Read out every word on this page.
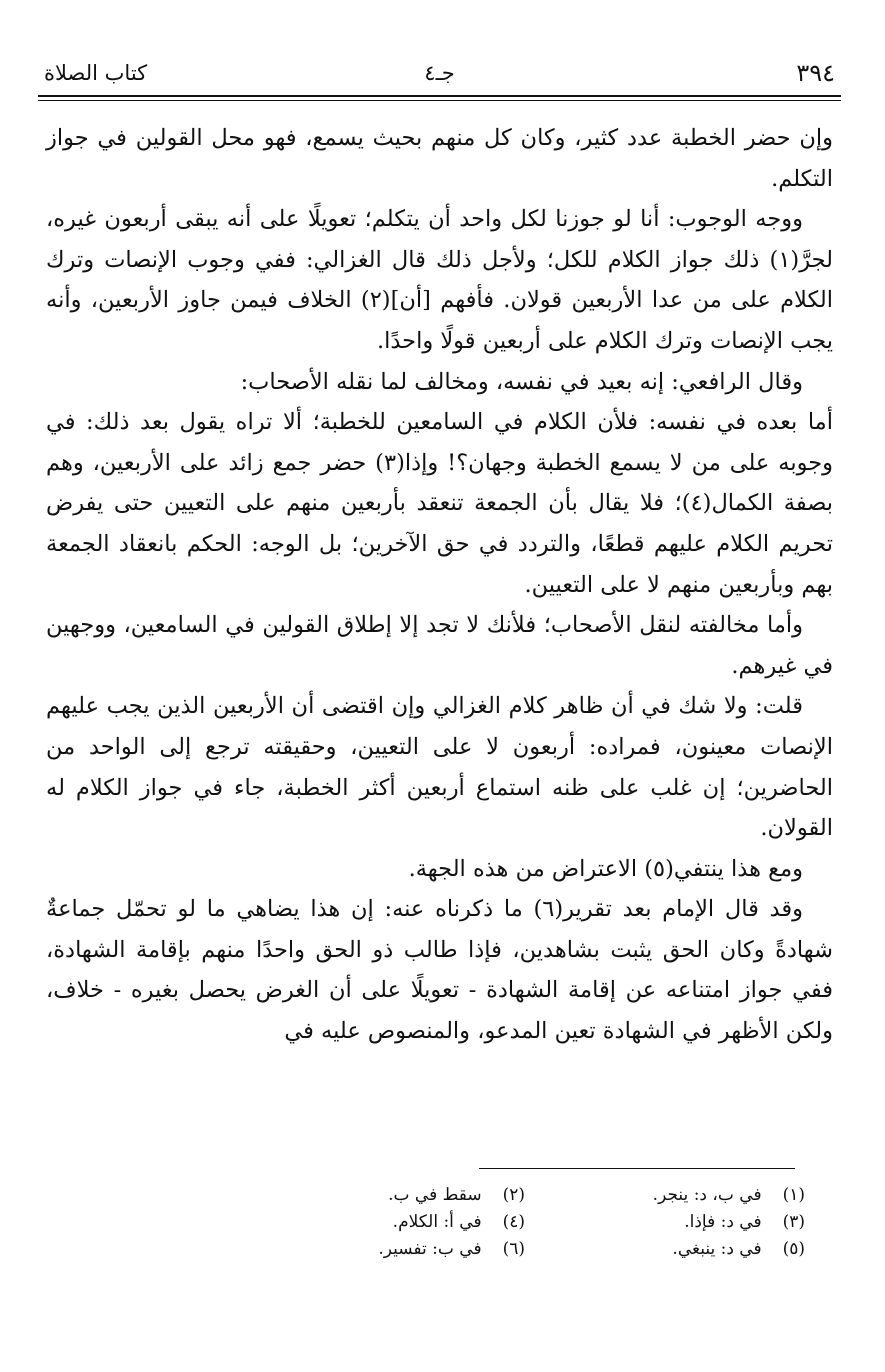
٣٩٤
جـ٤
كتاب الصلاة

وإن حضر الخطبة عدد كثير، وكان كل منهم بحيث يسمع، فهو محل القولين في جواز التكلم.

ووجه الوجوب: أنا لو جوزنا لكل واحد أن يتكلم؛ تعويلًا على أنه يبقى أربعون غيره، لجرَّ(١) ذلك جواز الكلام للكل؛ ولأجل ذلك قال الغزالي: ففي وجوب الإنصات وترك الكلام على من عدا الأربعين قولان. فأفهم [أن](٢) الخلاف فيمن جاوز الأربعين، وأنه يجب الإنصات وترك الكلام على أربعين قولًا واحدًا.

وقال الرافعي: إنه بعيد في نفسه، ومخالف لما نقله الأصحاب:

أما بعده في نفسه: فلأن الكلام في السامعين للخطبة؛ ألا تراه يقول بعد ذلك: في وجوبه على من لا يسمع الخطبة وجهان؟! وإذا(٣) حضر جمع زائد على الأربعين، وهم بصفة الكمال(٤)؛ فلا يقال بأن الجمعة تنعقد بأربعين منهم على التعيين حتى يفرض تحريم الكلام عليهم قطعًا، والتردد في حق الآخرين؛ بل الوجه: الحكم بانعقاد الجمعة بهم وبأربعين منهم لا على التعيين.

وأما مخالفته لنقل الأصحاب؛ فلأنك لا تجد إلا إطلاق القولين في السامعين، ووجهين في غيرهم.

قلت: ولا شك في أن ظاهر كلام الغزالي وإن اقتضى أن الأربعين الذين يجب عليهم الإنصات معينون، فمراده: أربعون لا على التعيين، وحقيقته ترجع إلى الواحد من الحاضرين؛ إن غلب على ظنه استماع أربعين أكثر الخطبة، جاء في جواز الكلام له القولان.

ومع هذا ينتفي(٥) الاعتراض من هذه الجهة.

وقد قال الإمام بعد تقرير(٦) ما ذكرناه عنه: إن هذا يضاهي ما لو تحمّل جماعةٌ شهادةً وكان الحق يثبت بشاهدين، فإذا طالب ذو الحق واحدًا منهم بإقامة الشهادة، ففي جواز امتناعه عن إقامة الشهادة - تعويلًا على أن الغرض يحصل بغيره - خلاف، ولكن الأظهر في الشهادة تعين المدعو، والمنصوص عليه في

(١) في ب، د: ينجر.
(٢) سقط في ب.
(٣) في د: فإذا.
(٤) في أ: الكلام.
(٥) في د: ينبغي.
(٦) في ب: تفسير.
